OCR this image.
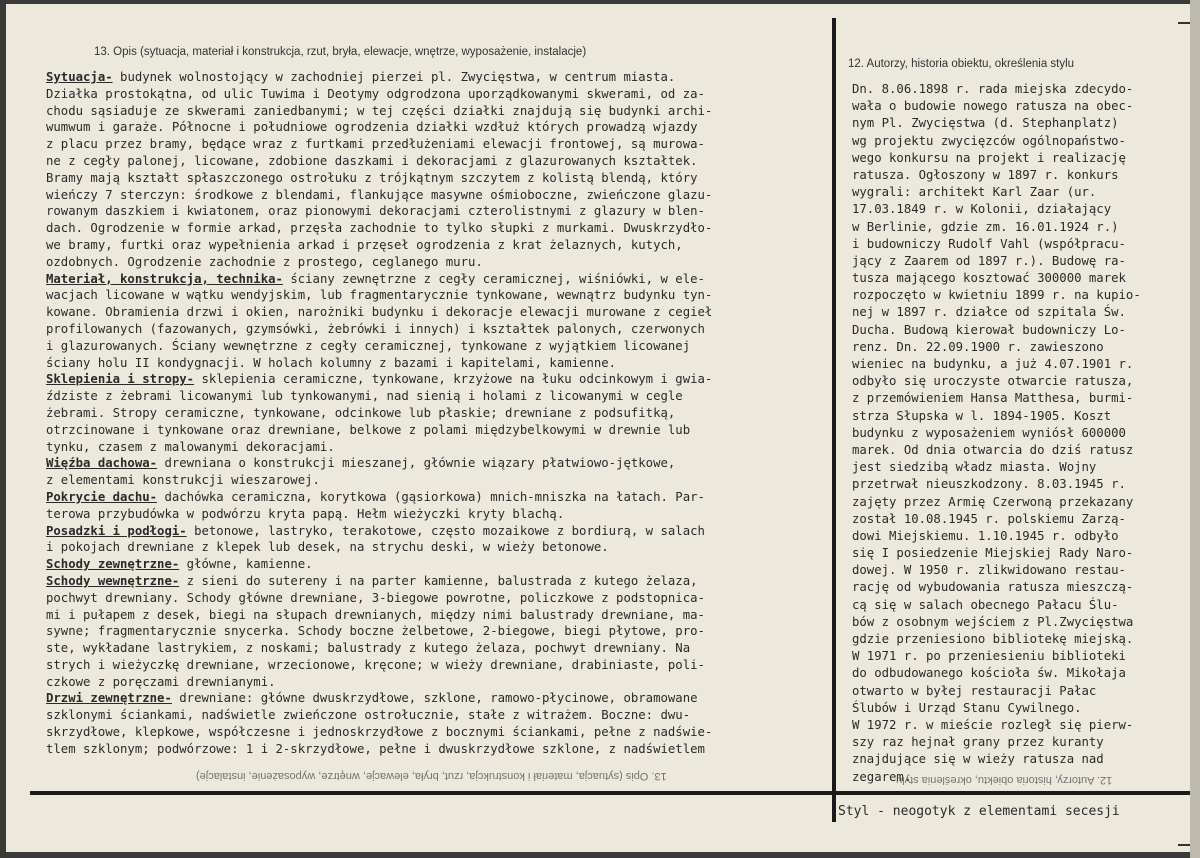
13. Opis (sytuacja, materiał i konstrukcja, rzut, bryła, elewacje, wnętrze, wyposażenie, instalacje)
12. Autorzy, historia obiektu, określenia stylu
Sytuacja- budynek wolnostojący w zachodniej pierzei pl. Zwycięstwa, w centrum miasta.
Działka prostokątna, od ulic Tuwima i Deotymy odgrodzona uporządkowanymi skwerami, od za-
chodu sąsiaduje ze skwerami zaniedbanymi; w tej części działki znajdują się budynki archi-
wumwum i garaże. Północne i południowe ogrodzenia działki wzdłuż których prowadzą wjazdy
z placu przez bramy, będące wraz z furtkami przedłużeniami elewacji frontowej, są murowa-
ne z cegły palonej, licowane, zdobione daszkami i dekoracjami z glazurowanych kształtek.
Bramy mają kształt spłaszczonego ostrołuku z trójkątnym szczytem z kolistą blendą, który
wieńczy 7 sterczyn: środkowe z blendami, flankujące masywne ośmioboczne, zwieńczone glazu-
rowanym daszkiem i kwiatonem, oraz pionowymi dekoracjami czterolistnymi z glazury w blen-
dach. Ogrodzenie w formie arkad, przęsła zachodnie to tylko słupki z murkami. Dwuskrzydło-
we bramy, furtki oraz wypełnienia arkad i przęseł ogrodzenia z krat żelaznych, kutych,
ozdobnych. Ogrodzenie zachodnie z prostego, ceglanego muru.
Materiał, konstrukcja, technika- ściany zewnętrzne z cegły ceramicznej, wiśniówki, w ele-
wacjach licowane w wątku wendyjskim, lub fragmentarycznie tynkowane, wewnątrz budynku tyn-
kowane. Obramienia drzwi i okien, narożniki budynku i dekoracje elewacji murowane z cegieł
profilowanych (fazowanych, gzymsówki, żebrówki i innych) i kształtek palonych, czerwonych
i glazurowanych. Ściany wewnętrzne z cegły ceramicznej, tynkowane z wyjątkiem licowanej
ściany holu II kondygnacji. W holach kolumny z bazami i kapitelami, kamienne.
Sklepienia i stropy- sklepienia ceramiczne, tynkowane, krzyżowe na łuku odcinkowym i gwia-
ździste z żebrami licowanymi lub tynkowanymi, nad sienią i holami z licowanymi w cegle
żebrami. Stropy ceramiczne, tynkowane, odcinkowe lub płaskie; drewniane z podsufitką,
otrzcinowane i tynkowane oraz drewniane, belkowe z polami międzybelkowymi w drewnie lub
tynku, czasem z malowanymi dekoracjami.
Więźba dachowa- drewniana o konstrukcji mieszanej, głównie wiązary płatwiowo-jętkowe,
z elementami konstrukcji wieszarowej.
Pokrycie dachu- dachówka ceramiczna, korytkowa (gąsiorkowa) mnich-mniszka na łatach. Par-
terowa przybudówka w podwórzu kryta papą. Hełm wieżyczki kryty blachą.
Posadzki i podłogi- betonowe, lastryko, terakotowe, często mozaikowe z bordiurą, w salach
i pokojach drewniane z klepek lub desek, na strychu deski, w wieży betonowe.
Schody zewnętrzne- główne, kamienne.
Schody wewnętrzne- z sieni do sutereny i na parter kamienne, balustrada z kutego żelaza,
pochwyt drewniany. Schody główne drewniane, 3-biegowe powrotne, policzkowe z podstopnica-
mi i pułapem z desek, biegi na słupach drewnianych, między nimi balustrady drewniane, ma-
sywne; fragmentarycznie snycerka. Schody boczne żelbetowe, 2-biegowe, biegi płytowe, pro-
ste, wykładane lastrykiem, z noskami; balustrady z kutego żelaza, pochwyt drewniany. Na
strych i wieżyczkę drewniane, wrzecionowe, kręcone; w wieży drewniane, drabiniaste, poli-
czkowe z poręczami drewnianymi.
Drzwi zewnętrzne- drewniane: główne dwuskrzydłowe, szklone, ramowo-płycinowe, obramowane
szklonymi ściankami, nadświetle zwieńczone ostrołucznie, stałe z witrażem. Boczne: dwu-
skrzydłowe, klepkowe, współczesne i jednoskrzydłowe z bocznymi ściankami, pełne z nadświe-
tlem szklonym; podwórzowe: 1 i 2-skrzydłowe, pełne i dwuskrzydłowe szklone, z nadświetlem
Dn. 8.06.1898 r. rada miejska zdecydo-
wała o budowie nowego ratusza na obec-
nym Pl. Zwycięstwa (d. Stephanplatz)
wg projektu zwycięzców ogólnopaństwo-
wego konkursu na projekt i realizację
ratusza. Ogłoszony w 1897 r. konkurs
wygrali: architekt Karl Zaar (ur.
17.03.1849 r. w Kolonii, działający
w Berlinie, gdzie zm. 16.01.1924 r.)
i budowniczy Rudolf Vahl (współpracu-
jący z Zaarem od 1897 r.). Budowę ra-
tusza mającego kosztować 300000 marek
rozpoczęto w kwietniu 1899 r. na kupio-
nej w 1897 r. działce od szpitala Św.
Ducha. Budową kierował budowniczy Lo-
renz. Dn. 22.09.1900 r. zawieszono
wieniec na budynku, a już 4.07.1901 r.
odbyło się uroczyste otwarcie ratusza,
z przemówieniem Hansa Matthesa, burmi-
strza Słupska w l. 1894-1905. Koszt
budynku z wyposażeniem wyniósł 600000
marek. Od dnia otwarcia do dziś ratusz
jest siedzibą władz miasta. Wojny
przetrwał nieuszkodzony. 8.03.1945 r.
zajęty przez Armię Czerwoną przekazany
został 10.08.1945 r. polskiemu Zarzą-
dowi Miejskiemu. 1.10.1945 r. odbyło
się I posiedzenie Miejskiej Rady Naro-
dowej. W 1950 r. zlikwidowano restau-
rację od wybudowania ratusza mieszczą-
cą się w salach obecnego Pałacu Ślu-
bów z osobnym wejściem z Pl.Zwycięstwa
gdzie przeniesiono bibliotekę miejską.
W 1971 r. po przeniesieniu biblioteki
do odbudowanego kościoła św. Mikołaja
otwarto w byłej restauracji Pałac
Ślubów i Urząd Stanu Cywilnego.
W 1972 r. w mieście rozległ się pierw-
szy raz hejnał grany przez kuranty
znajdujące się w wieży ratusza nad
zegarem.
13. Opis (sytuacja, materiał i konstrukcja, rzut, bryła, elewacje, wnętrze, wyposażenie, instalacje)	12. Autorzy, historia obiektu, określenia stylu
Styl - neogotyk z elementami secesji
